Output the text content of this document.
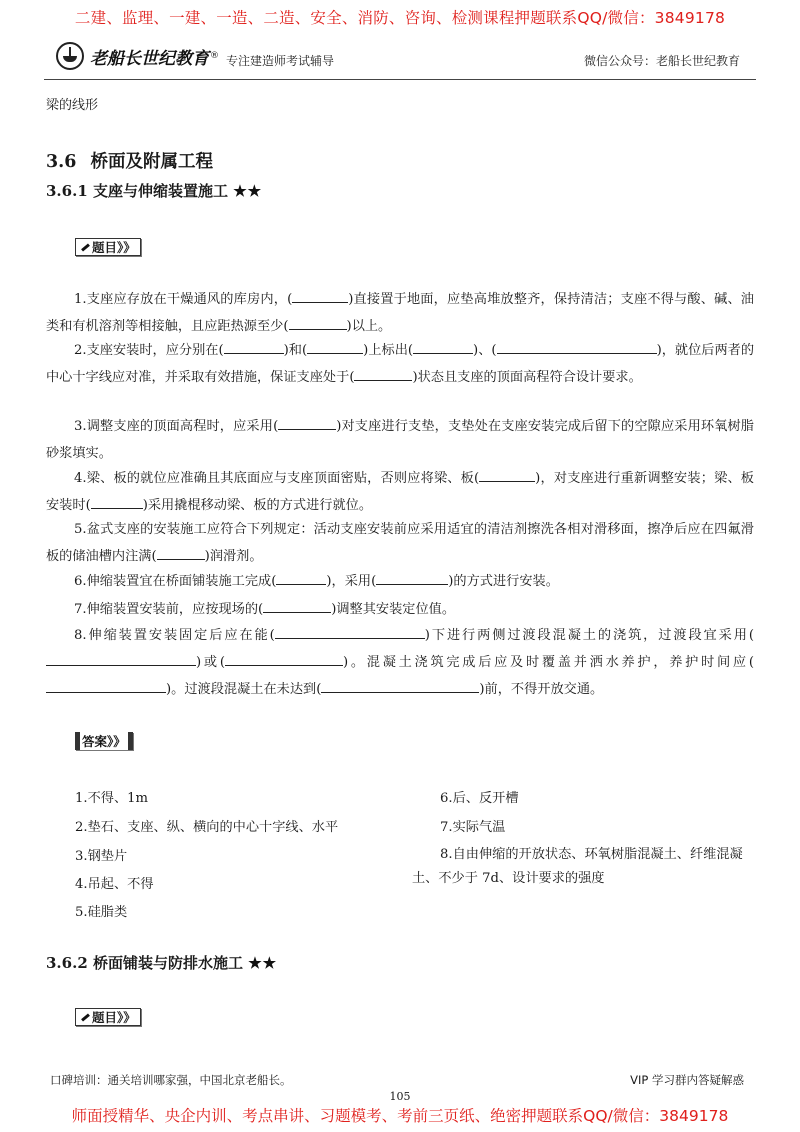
二建、监理、一建、一造、二造、安全、消防、咨询、检测课程押题联系QQ/微信：3849178
老船长世纪教育 ® 专注建造师考试辅导	微信公众号：老船长世纪教育
梁的线形
3.6 桥面及附属工程
3.6.1 支座与伸缩装置施工 ★★
题目》》
1.支座应存放在干燥通风的库房内，(	)直接置于地面，应垫高堆放整齐，保持清洁；支座不得与酸、碱、油类和有机溶剂等相接触，且应距热源至少(	)以上。
2.支座安装时，应分别在(	)和(	)上标出(	)、(	)，就位后两者的中心十字线应对准，并采取有效措施，保证支座处于(	)状态且支座的顶面高程符合设计要求。
3.调整支座的顶面高程时，应采用(	)对支座进行支垫，支垫处在支座安装完成后留下的空隙应采用环氧树脂砂浆填实。
4.梁、板的就位应准确且其底面应与支座顶面密贴，否则应将梁、板(	)，对支座进行重新调整安装；梁、板安装时(	)采用撬棍移动梁、板的方式进行就位。
5.盆式支座的安装施工应符合下列规定：活动支座安装前应采用适宜的清洁剂擦洗各相对滑移面，擦净后应在四氟滑板的储油槽内注满(	)润滑剂。
6.伸缩装置宜在桥面铺装施工完成(	)，采用(	)的方式进行安装。
7.伸缩装置安装前，应按现场的(	)调整其安装定位值。
8.伸缩装置安装固定后应在能(	)下进行两侧过渡段混凝土的浇筑，过渡段宜采用()或(	)。混凝土浇筑完成后应及时覆盖并洒水养护，养护时间应()。过渡段混凝土在未达到(	)前，不得开放交通。
答案》》
1.不得、1m
2.垫石、支座、纵、横向的中心十字线、水平
3.钢垫片
4.吊起、不得
5.硅脂类
6.后、反开槽
7.实际气温
8.自由伸缩的开放状态、环氧树脂混凝土、纤维混凝土、不少于 7d、设计要求的强度
3.6.2 桥面铺装与防排水施工 ★★
题目》》
口碑培训：通关培训哪家强，中国北京老船长。	VIP 学习群内答疑解惑
105
师面授精华、央企内训、考点串讲、习题模考、考前三页纸、绝密押题联系QQ/微信：3849178
